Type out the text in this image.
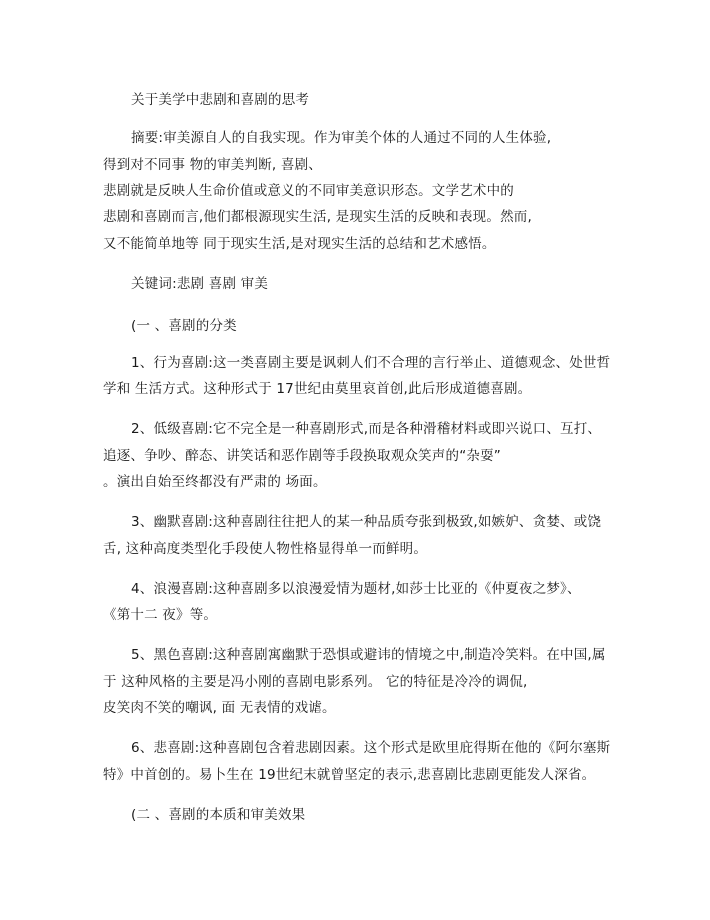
关于美学中悲剧和喜剧的思考
摘要:审美源自人的自我实现。作为审美个体的人通过不同的人生体验,
得到对不同事 物的审美判断, 喜剧、
悲剧就是反映人生命价值或意义的不同审美意识形态。文学艺术中的
悲剧和喜剧而言,他们都根源现实生活, 是现实生活的反映和表现。然而,
又不能简单地等 同于现实生活,是对现实生活的总结和艺术感悟。
关键词:悲剧 喜剧 审美
(一 、喜剧的分类
1、行为喜剧:这一类喜剧主要是讽刺人们不合理的言行举止、道德观念、处世哲
学和 生活方式。这种形式于 17世纪由莫里哀首创,此后形成道德喜剧。
2、低级喜剧:它不完全是一种喜剧形式,而是各种滑稽材料或即兴说口、互打、
追逐、争吵、醉态、讲笑话和恶作剧等手段换取观众笑声的“杂耍”
。演出自始至终都没有严肃的 场面。
3、幽默喜剧:这种喜剧往往把人的某一种品质夸张到极致,如嫉妒、贪婪、或饶
舌, 这种高度类型化手段使人物性格显得单一而鲜明。
4、浪漫喜剧:这种喜剧多以浪漫爱情为题材,如莎士比亚的《仲夏夜之梦》、
《第十二 夜》等。
5、黑色喜剧:这种喜剧寓幽默于恐惧或避讳的情境之中,制造冷笑料。在中国,属
于 这种风格的主要是冯小刚的喜剧电影系列。 它的特征是冷冷的调侃,
皮笑肉不笑的嘲讽, 面 无表情的戏谑。
6、悲喜剧:这种喜剧包含着悲剧因素。这个形式是欧里庇得斯在他的《阿尔塞斯
特》中首创的。易卜生在 19世纪末就曾坚定的表示,悲喜剧比悲剧更能发人深省。
(二 、喜剧的本质和审美效果
